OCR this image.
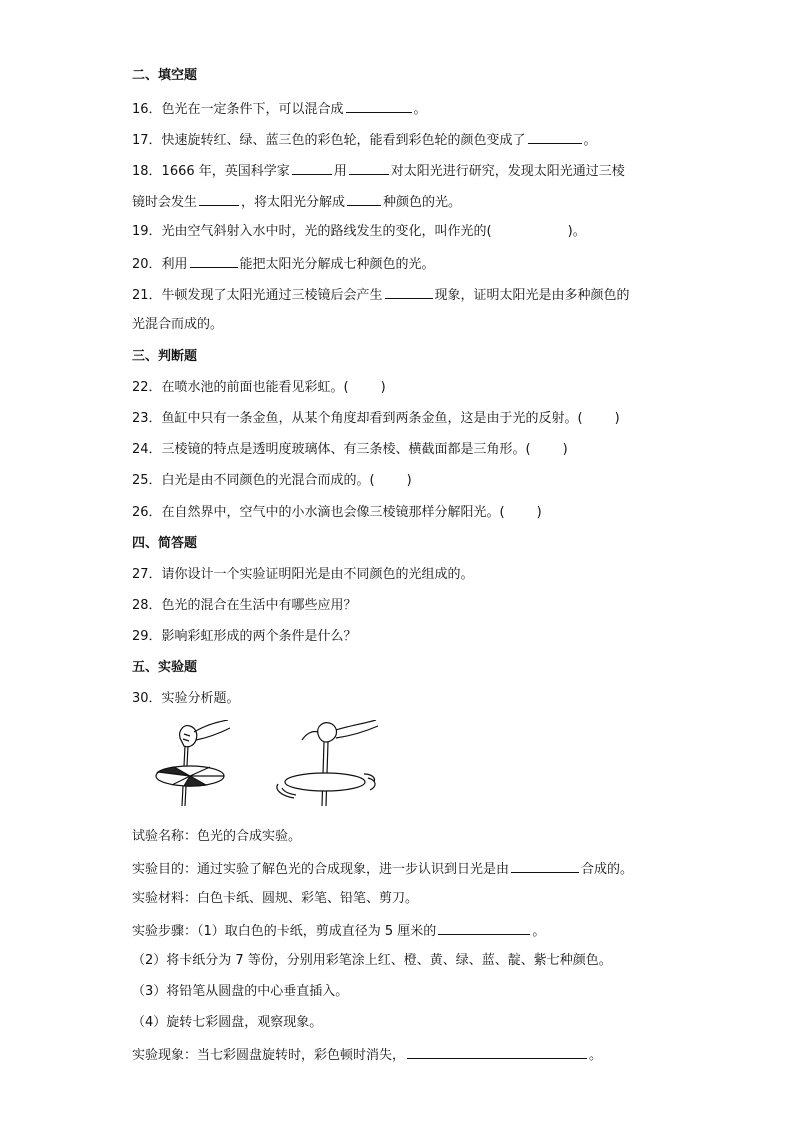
二、填空题
16．色光在一定条件下，可以混合成	。
17．快速旋转红、绿、蓝三色的彩色轮，能看到彩色轮的颜色变成了	。
18．1666 年，英国科学家	用	对太阳光进行研究，发现太阳光通过三棱
镜时会发生	，将太阳光分解成	种颜色的光。
19．光由空气斜射入水中时，光的路线发生的变化，叫作光的(	)。
20．利用	能把太阳光分解成七种颜色的光。
21．牛顿发现了太阳光通过三棱镜后会产生	现象，证明太阳光是由多种颜色的
光混合而成的。
三、判断题
22．在喷水池的前面也能看见彩虹。( )
23．鱼缸中只有一条金鱼，从某个角度却看到两条金鱼，这是由于光的反射。( )
24．三棱镜的特点是透明度玻璃体、有三条棱、横截面都是三角形。( )
25．白光是由不同颜色的光混合而成的。( )
26．在自然界中，空气中的小水滴也会像三棱镜那样分解阳光。( )
四、简答题
27．请你设计一个实验证明阳光是由不同颜色的光组成的。
28．色光的混合在生活中有哪些应用？
29．影响彩虹形成的两个条件是什么？
五、实验题
30．实验分析题。
试验名称：色光的合成实验。
实验目的：通过实验了解色光的合成现象，进一步认识到日光是由	合成的。
实验材料：白色卡纸、圆规、彩笔、铅笔、剪刀。
实验步骤：（1）取白色的卡纸，剪成直径为 5 厘米的	。
（2）将卡纸分为 7 等份，分别用彩笔涂上红、橙、黄、绿、蓝、靛、紫七种颜色。
（3）将铅笔从圆盘的中心垂直插入。
（4）旋转七彩圆盘，观察现象。
实验现象：当七彩圆盘旋转时，彩色顿时消失，	。
